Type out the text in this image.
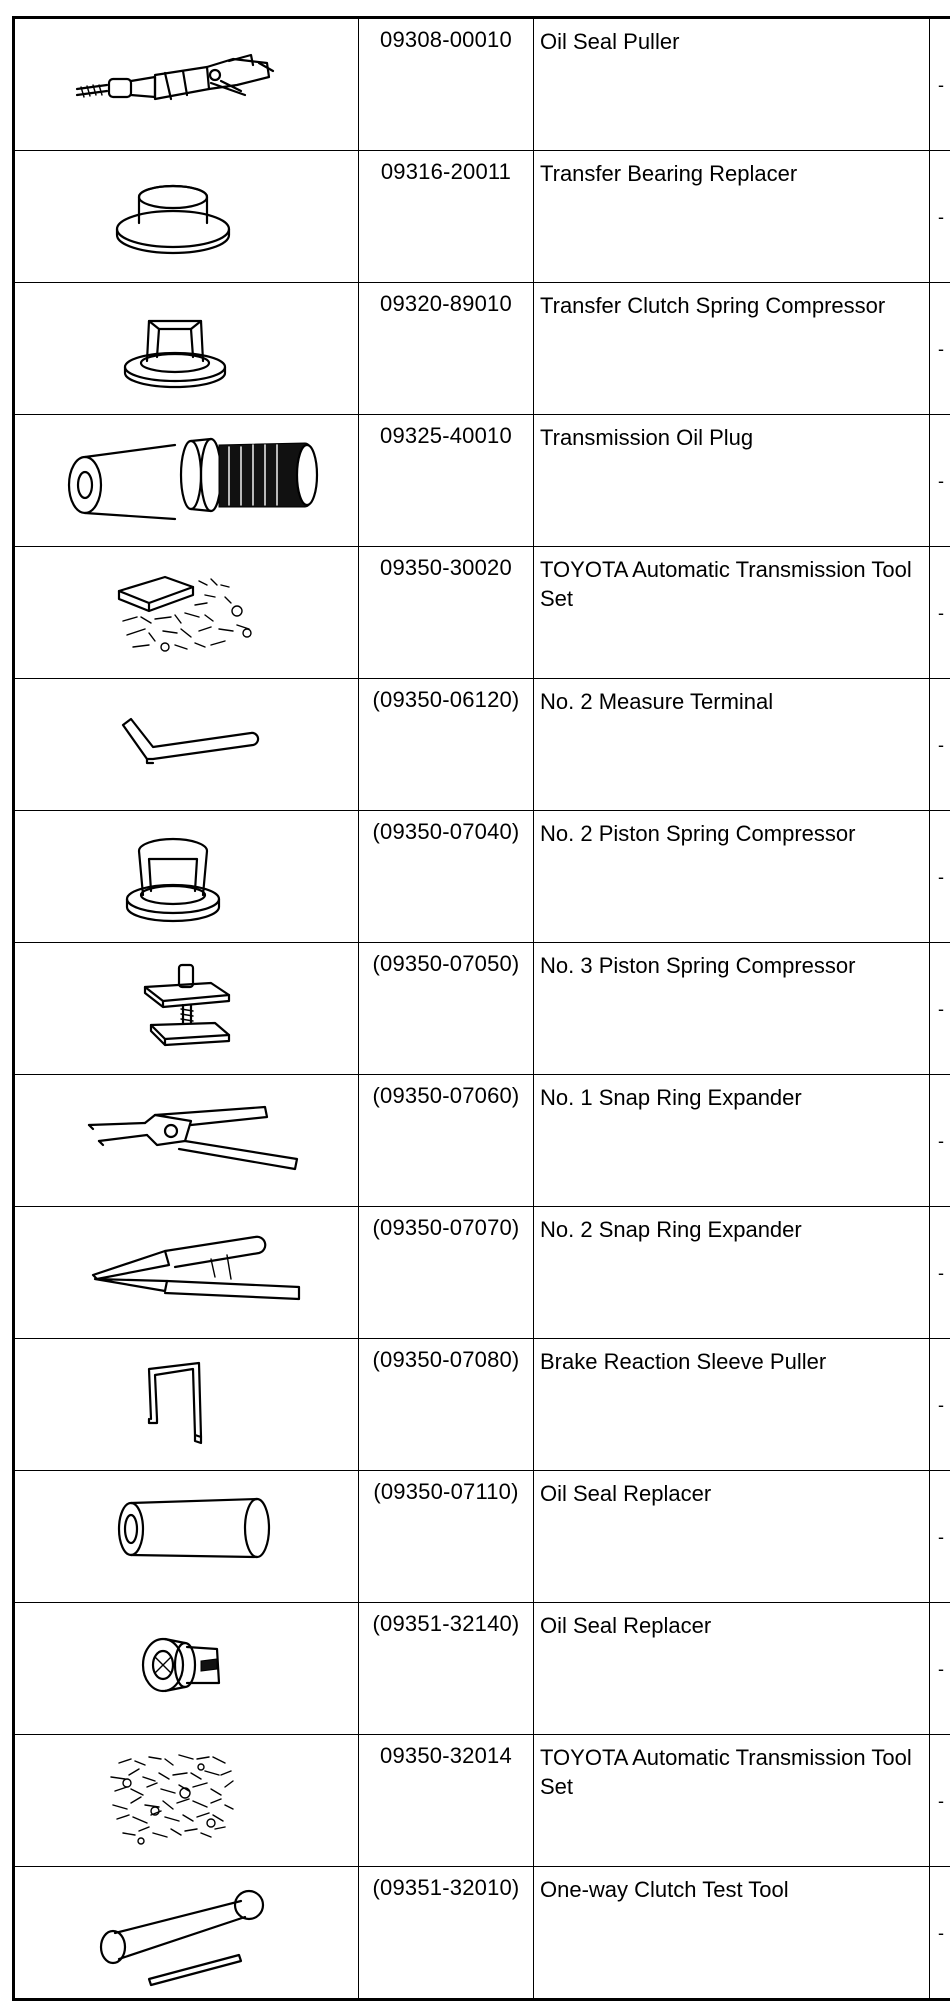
	09308-00010	Oil Seal Puller	-

	09316-20011	Transfer Bearing Replacer	-

	09320-89010	Transfer Clutch Spring Compressor	-

	09325-40010	Transmission Oil Plug	-

	09350-30020	TOYOTA Automatic Transmission Tool Set	-

	(09350-06120)	No. 2 Measure Terminal	-

	(09350-07040)	No. 2 Piston Spring Compressor	-

	(09350-07050)	No. 3 Piston Spring Compressor	-

	(09350-07060)	No. 1 Snap Ring Expander	-

	(09350-07070)	No. 2 Snap Ring Expander	-

	(09350-07080)	Brake Reaction Sleeve Puller	-

	(09350-07110)	Oil Seal Replacer	-

	(09351-32140)	Oil Seal Replacer	-

	09350-32014	TOYOTA Automatic Transmission Tool Set	-

	(09351-32010)	One-way Clutch Test Tool	-
